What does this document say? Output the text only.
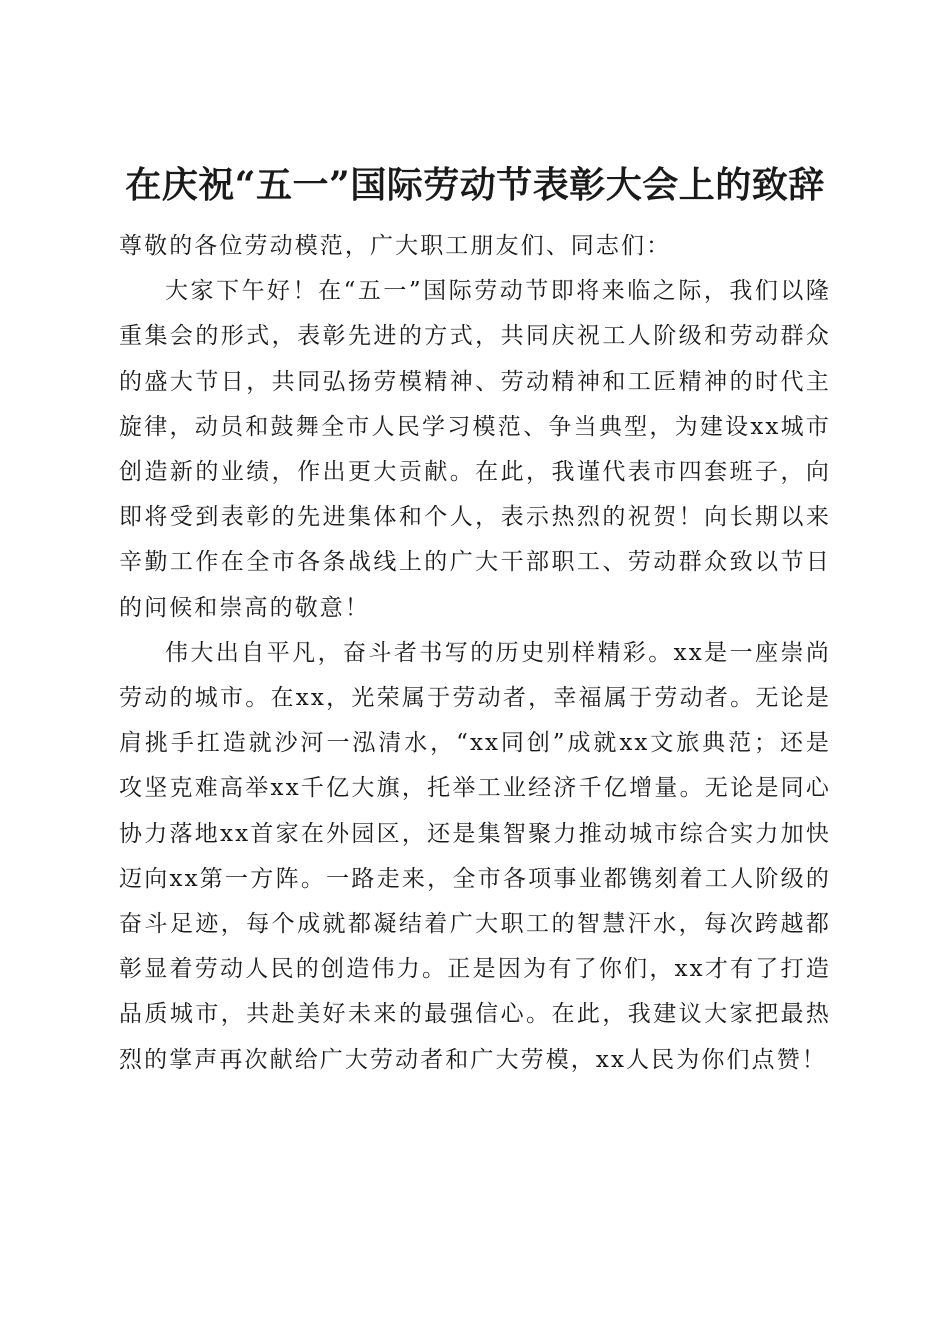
在庆祝“五一”国际劳动节表彰大会上的致辞

尊敬的各位劳动模范，广大职工朋友们、同志们：

大家下午好！在“五一”国际劳动节即将来临之际，我们以隆重集会的形式，表彰先进的方式，共同庆祝工人阶级和劳动群众的盛大节日，共同弘扬劳模精神、劳动精神和工匠精神的时代主旋律，动员和鼓舞全市人民学习模范、争当典型，为建设xx城市创造新的业绩，作出更大贡献。在此，我谨代表市四套班子，向即将受到表彰的先进集体和个人，表示热烈的祝贺！向长期以来辛勤工作在全市各条战线上的广大干部职工、劳动群众致以节日的问候和崇高的敬意！

伟大出自平凡，奋斗者书写的历史别样精彩。xx是一座崇尚劳动的城市。在xx，光荣属于劳动者，幸福属于劳动者。无论是肩挑手扛造就沙河一泓清水，“xx同创”成就xx文旅典范；还是攻坚克难高举xx千亿大旗，托举工业经济千亿增量。无论是同心协力落地xx首家在外园区，还是集智聚力推动城市综合实力加快迈向xx第一方阵。一路走来，全市各项事业都镌刻着工人阶级的奋斗足迹，每个成就都凝结着广大职工的智慧汗水，每次跨越都彰显着劳动人民的创造伟力。正是因为有了你们，xx才有了打造品质城市，共赴美好未来的最强信心。在此，我建议大家把最热烈的掌声再次献给广大劳动者和广大劳模，xx人民为你们点赞！
